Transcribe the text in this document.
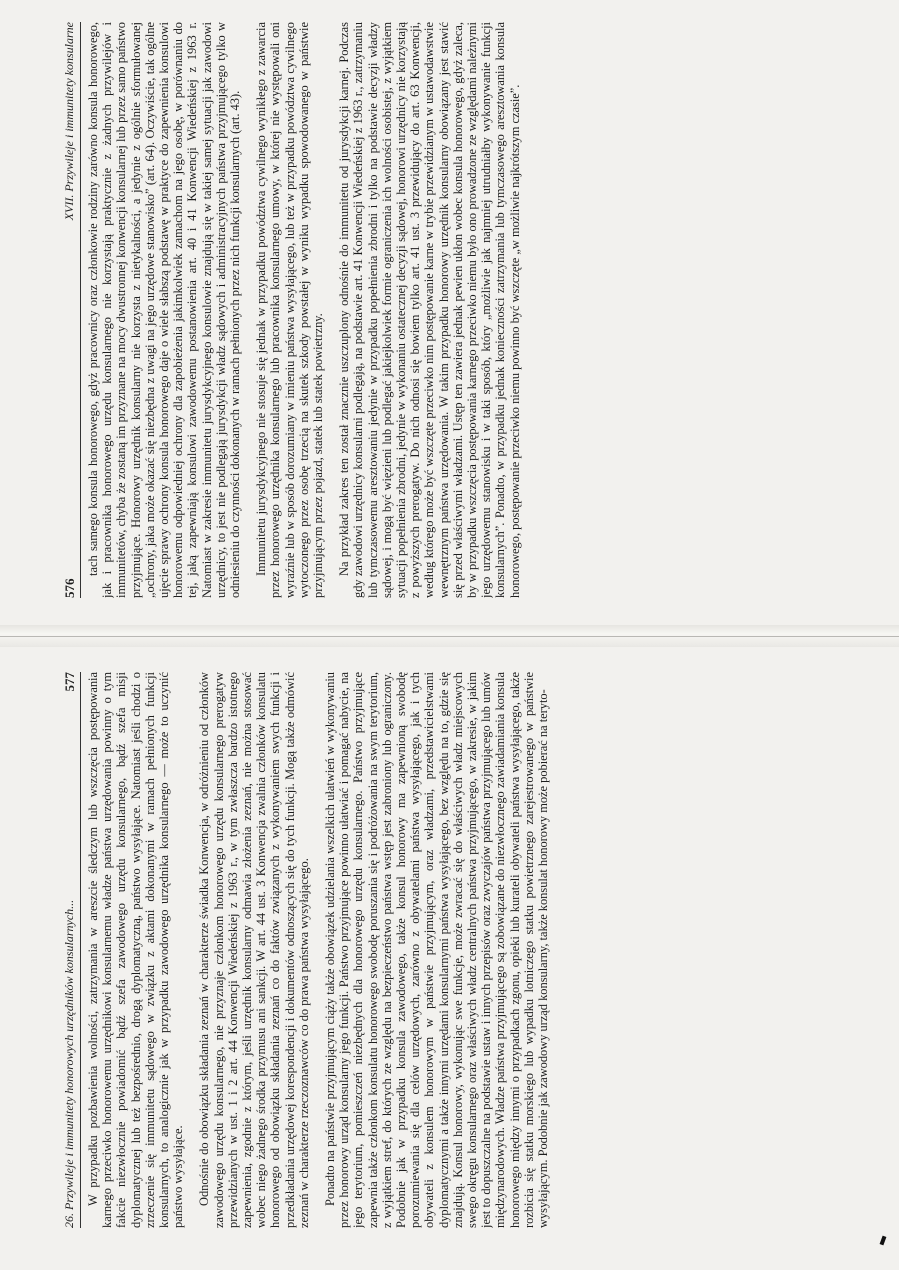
576
XVII. Przywileje i immunitety konsularne tach samego konsula honorowego, gdyż pracownicy oraz członkowie rodziny zarówno konsula honorowego, jak i pracownika honorowego urzędu konsularnego nie korzystają praktycznie z żadnych przywilejów i immunitetów, chyba że zostaną im przyznane na mocy dwustronnej konwencji konsularnej lub przez samo państwo przyjmujące. Honorowy urzędnik konsularny nie korzysta z nietykalności, a jedynie z ogólnie sformułowanej „ochrony, jaka może okazać się niezbędna z uwagi na jego urzędowe stanowisko” (art. 64). Oczywiście, tak ogólne ujęcie sprawy ochrony konsula honorowego daje o wiele słabszą podstawę w praktyce do zapewnienia konsulowi honorowemu odpowiedniej ochrony dla zapobieżenia jakimkolwiek zamachom na jego osobę, w porównaniu do tej, jaką zapewniają konsulowi zawodowemu postanowienia art. 40 i 41 Konwencji Wiedeńskiej z 1963 r. Natomiast w zakresie immunitetu jurysdykcyjnego konsulowie znajdują się w takiej samej sytuacji jak zawodowi urzędnicy, to jest nie podlegają jurysdykcji władz sądowych i administracyjnych państwa przyjmującego tylko w odniesieniu do czynności dokonanych w ramach pełnionych przez nich funkcji konsularnych (art. 43). Immunitetu jurysdykcyjnego nie stosuje się jednak w przypadku powództwa cywilnego wynikłego z zawarcia przez honorowego urzędnika konsularnego lub pracownika konsularnego umowy, w której nie występowali oni wyraźnie lub w sposób dorozumiany w imieniu państwa wysyłającego, lub też w przypadku powództwa cywilnego wytoczonego przez osobę trzecią na skutek szkody powstałej w wyniku wypadku spowodowanego w państwie przyjmującym przez pojazd, statek lub statek powietrzny. Na przykład zakres ten został znacznie uszczuplony odnośnie do immunitetu od jurysdykcji karnej. Podczas gdy zawodowi urzędnicy konsularni podlegają, na podstawie art. 41 Konwencji Wiedeńskiej z 1963 r., zatrzymaniu lub tymczasowemu aresztowaniu jedynie w przypadku popełnienia zbrodni i tylko na podstawie decyzji władzy sądowej, i mogą być więzieni lub podlegać jakiejkolwiek formie ograniczenia ich wolności osobistej, z wyjątkiem sytuacji popełnienia zbrodni, jedynie w wykonaniu ostatecznej decyzji sądowej, honorowi urzędnicy nie korzystają z powyższych prerogatyw. Do nich odnosi się bowiem tylko art. 41 ust. 3 przewidujący do art. 63 Konwencji, według którego może być wszczęte przeciwko nim postępowanie karne w trybie przewidzianym w ustawodawstwie wewnętrznym państwa urzędowania. W takim przypadku honorowy urzędnik konsularny obowiązany jest stawić się przed właściwymi władzami. Ustęp ten zawiera jednak pewien ukłon wobec konsula honorowego, gdyż zaleca, by w przypadku wszczęcia postępowania karnego przeciwko niemu było ono prowadzone ze względami należnymi jego urzędowemu stanowisku i w taki sposób, który „możliwie jak najmniej utrudniałby wykonywanie funkcji konsularnych”. Ponadto, w przypadku jednak konieczności zatrzymania lub tymczasowego aresztowania konsula honorowego, postępowanie przeciwko niemu powinno być wszczęte „w możliwie najkrótszym czasie”.

26. Przywileje i immunitety honorowych urzędników konsularnych...
577 W przypadku pozbawienia wolności, zatrzymania w areszcie śledczym lub wszczęcia postępowania karnego przeciwko honorowemu urzędnikowi konsularnemu władze państwa urzędowania powinny o tym fakcie niezwłocznie powiadomić bądź szefa zawodowego urzędu konsularnego, bądź szefa misji dyplomatycznej lub też bezpośrednio, drogą dyplomatyczną, państwo wysyłające. Natomiast jeśli chodzi o zrzeczenie się immunitetu sądowego w związku z aktami dokonanymi w ramach pełnionych funkcji konsularnych, to analogicznie jak w przypadku zawodowego urzędnika konsularnego — może to uczynić państwo wysyłające. Odnośnie do obowiązku składania zeznań w charakterze świadka Konwencja, w odróżnieniu od członków zawodowego urzędu konsularnego, nie przyznaje członkom honorowego urzędu konsularnego prerogatyw przewidzianych w ust. 1 i 2 art. 44 Konwencji Wiedeńskiej z 1963 r., w tym zwłaszcza bardzo istotnego zapewnienia, zgodnie z którym, jeśli urzędnik konsularny odmawia złożenia zeznań, nie można stosować wobec niego żadnego środka przymusu ani sankcji. W art. 44 ust. 3 Konwencja zwalnia członków konsulatu honorowego od obowiązku składania zeznań co do faktów związanych z wykonywaniem swych funkcji i przedkładania urzędowej korespondencji i dokumentów odnoszących się do tych funkcji. Mogą także odmówić zeznań w charakterze rzeczoznawców co do prawa państwa wysyłającego. Ponadto na państwie przyjmującym ciąży także obowiązek udzielania wszelkich ułatwień w wykonywaniu przez honorowy urząd konsularny jego funkcji. Państwo przyjmujące powinno ułatwiać i pomagać nabycie, na jego terytorium, pomieszczeń niezbędnych dla honorowego urzędu konsularnego. Państwo przyjmujące zapewnia także członkom konsulatu honorowego swobodę poruszania się i podróżowania na swym terytorium, z wyjątkiem stref, do których ze względu na bezpieczeństwo państwa wstęp jest zabroniony lub ograniczony. Podobnie jak w przypadku konsula zawodowego, także konsul honorowy ma zapewnioną swobodę porozumiewania się dla celów urzędowych, zarówno z obywatelami państwa wysyłającego, jak i tych obywateli z konsulem honorowym w państwie przyjmującym, oraz władzami, przedstawicielstwami dyplomatycznymi a także innymi urzędami konsularnymi państwa wysyłającego, bez względu na to, gdzie się znajdują. Konsul honorowy, wykonując swe funkcje, może zwracać się do właściwych władz miejscowych swego okręgu konsularnego oraz właściwych władz centralnych państwa przyjmującego, w zakresie, w jakim jest to dopuszczalne na podstawie ustaw i innych przepisów oraz zwyczajów państwa przyjmującego lub umów międzynarodowych. Władze państwa przyjmującego są zobowiązane do niezwłocznego zawiadamiania konsula honorowego między innymi o przypadkach zgonu, opieki lub kurateli obywateli państwa wysyłającego, także rozbicia się statku morskiego lub wypadku lotniczego statku powietrznego zarejestrowanego w państwie wysyłającym. Podobnie jak zawodowy urząd konsularny, także konsulat honorowy może pobierać na teryto-
